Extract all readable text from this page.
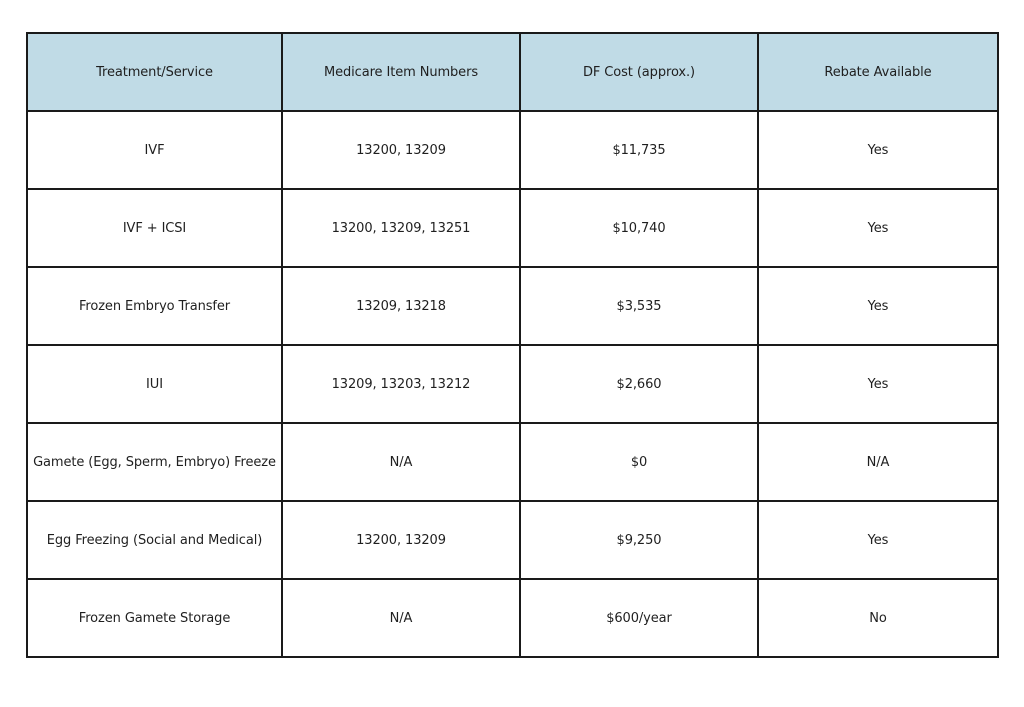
Treatment/Service	Medicare Item Numbers	DF Cost (approx.)	Rebate Available
IVF	13200, 13209	$11,735	Yes
IVF + ICSI	13200, 13209, 13251	$10,740	Yes
Frozen Embryo Transfer	13209, 13218	$3,535	Yes
IUI	13209, 13203, 13212	$2,660	Yes
Gamete (Egg, Sperm, Embryo) Freeze	N/A	$0	N/A
Egg Freezing (Social and Medical)	13200, 13209	$9,250	Yes
Frozen Gamete Storage	N/A	$600/year	No
